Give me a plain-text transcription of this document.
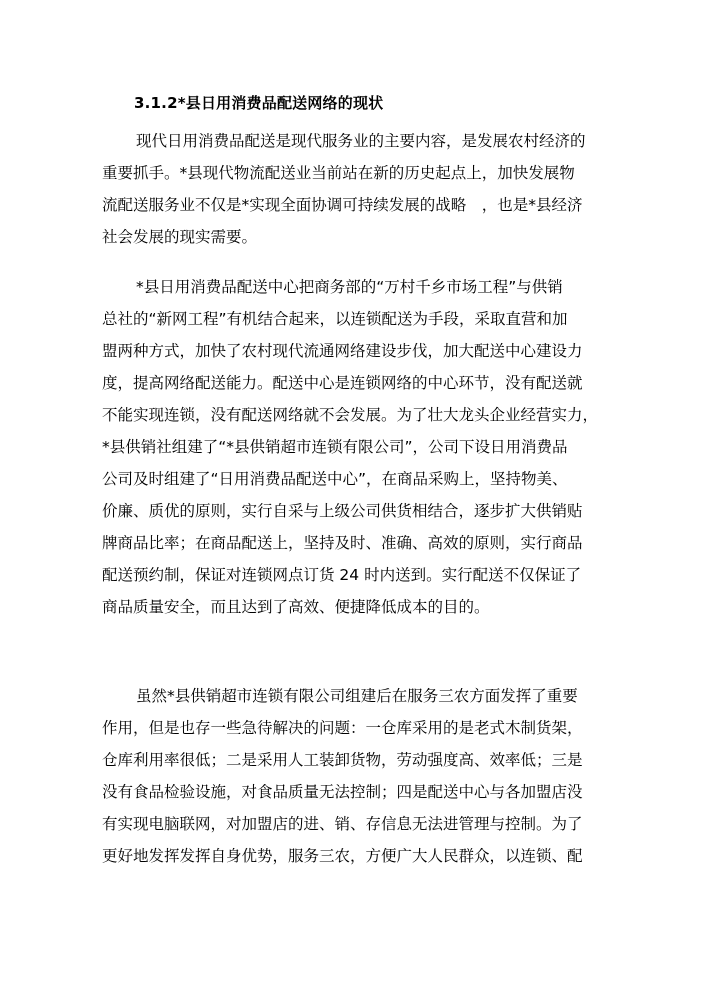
3.1.2*县日用消费品配送网络的现状
现代日用消费品配送是现代服务业的主要内容，是发展农村经济的
重要抓手。*县现代物流配送业当前站在新的历史起点上，加快发展物
流配送服务业不仅是*实现全面协调可持续发展的战略　，也是*县经济
社会发展的现实需要。
*县日用消费品配送中心把商务部的“万村千乡市场工程”与供销
总社的“新网工程”有机结合起来，以连锁配送为手段，采取直营和加
盟两种方式，加快了农村现代流通网络建设步伐，加大配送中心建设力
度，提高网络配送能力。配送中心是连锁网络的中心环节，没有配送就
不能实现连锁，没有配送网络就不会发展。为了壮大龙头企业经营实力，
*县供销社组建了“*县供销超市连锁有限公司”，公司下设日用消费品
公司及时组建了“日用消费品配送中心”，在商品采购上，坚持物美、
价廉、质优的原则，实行自采与上级公司供货相结合，逐步扩大供销贴
牌商品比率；在商品配送上，坚持及时、准确、高效的原则，实行商品
配送预约制，保证对连锁网点订货 24 时内送到。实行配送不仅保证了
商品质量安全，而且达到了高效、便捷降低成本的目的。
虽然*县供销超市连锁有限公司组建后在服务三农方面发挥了重要
作用，但是也存一些急待解决的问题：一仓库采用的是老式木制货架，
仓库利用率很低；二是采用人工装卸货物，劳动强度高、效率低；三是
没有食品检验设施，对食品质量无法控制；四是配送中心与各加盟店没
有实现电脑联网，对加盟店的进、销、存信息无法进管理与控制。为了
更好地发挥发挥自身优势，服务三农，方便广大人民群众，以连锁、配
